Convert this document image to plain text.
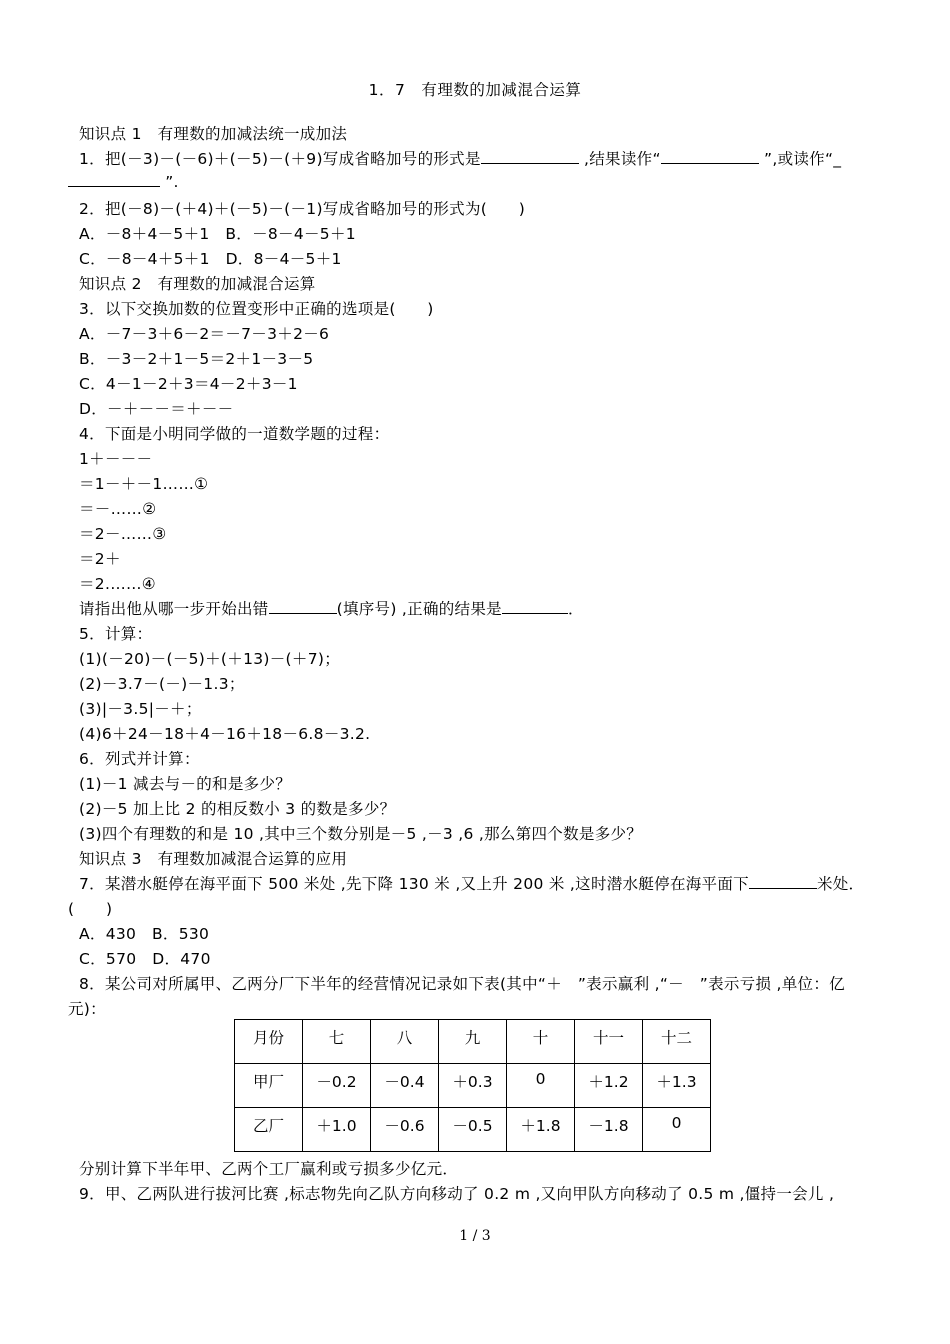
1．7　有理数的加减混合运算
知识点 1　有理数的加减法统一成加法
1．把(－3)－(－6)＋(－5)－(＋9)写成省略加号的形式是	,结果读作“	”,或读作“_
”.
2．把(－8)－(＋4)＋(－5)－(－1)写成省略加号的形式为(　　)
A．－8＋4－5＋1　B．－8－4－5＋1
C．－8－4＋5＋1　D．8－4－5＋1
知识点 2　有理数的加减混合运算
3．以下交换加数的位置变形中正确的选项是(　　)
A．－7－3＋6－2＝－7－3＋2－6
B．－3－2＋1－5＝2＋1－3－5
C．4－1－2＋3＝4－2＋3－1
D．－＋－－＝＋－－
4．下面是小明同学做的一道数学题的过程：
1＋－－－
＝1－＋－1……①
＝－……②
＝2－……③
＝2＋
＝2.……④
请指出他从哪一步开始出错	(填序号) ,正确的结果是	．
5．计算：
(1)(－20)－(－5)＋(＋13)－(＋7)；
(2)－3.7－(－)－1.3；
(3)|－3.5|－＋；
(4)6＋24－18＋4－16＋18－6.8－3.2.
6．列式并计算：
(1)－1 减去与－的和是多少？
(2)－5 加上比 2 的相反数小 3 的数是多少？
(3)四个有理数的和是 10 ,其中三个数分别是－5 ,－3 ,6 ,那么第四个数是多少？
知识点 3　有理数加减混合运算的应用
7．某潜水艇停在海平面下 500 米处 ,先下降 130 米 ,又上升 200 米 ,这时潜水艇停在海平面下	米处．
(　　)
A．430　B．530
C．570　D．470
8．某公司对所属甲、乙两分厂下半年的经营情况记录如下表(其中“＋　”表示赢利 ,“－　”表示亏损 ,单位：亿
元)：
月份	七	八	九	十	十一	十二
甲厂	－0.2	－0.4	＋0.3	0	＋1.2	＋1.3
乙厂	＋1.0	－0.6	－0.5	＋1.8	－1.8	0
分别计算下半年甲、乙两个工厂赢利或亏损多少亿元．
9．甲、乙两队进行拔河比赛 ,标志物先向乙队方向移动了 0.2 m ,又向甲队方向移动了 0.5 m ,僵持一会儿 ,
1 / 3
